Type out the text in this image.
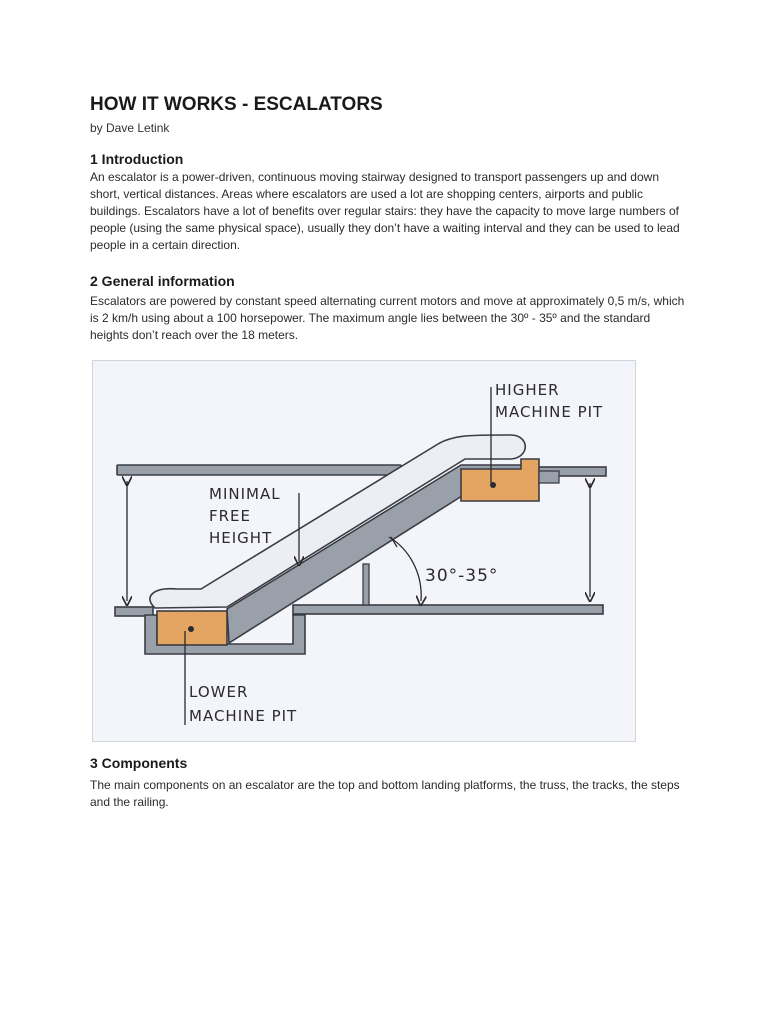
HOW IT WORKS - ESCALATORS
by Dave Letink
1 Introduction

An escalator is a power-driven, continuous moving stairway designed to transport passengers up and down short, vertical distances. Areas where escalators are used a lot are shopping centers, airports and public buildings. Escalators have a lot of benefits over regular stairs: they have the capacity to move large numbers of people (using the same physical space), usually they don’t have a waiting interval and they can be used to lead people in a certain direction.

2 General information

Escalators are powered by constant speed alternating current motors and move at approximately 0,5 m/s, which is 2 km/h using about a 100 horsepower. The maximum angle lies between the 30º - 35º and the standard heights don’t reach over the 18 meters.

HIGHER
MACHINE PIT
MINIMAL
FREE
HEIGHT
30°-35°
LOWER
MACHINE PIT
3 Components

The main components on an escalator are the top and bottom landing platforms, the truss, the tracks, the steps and the railing.
